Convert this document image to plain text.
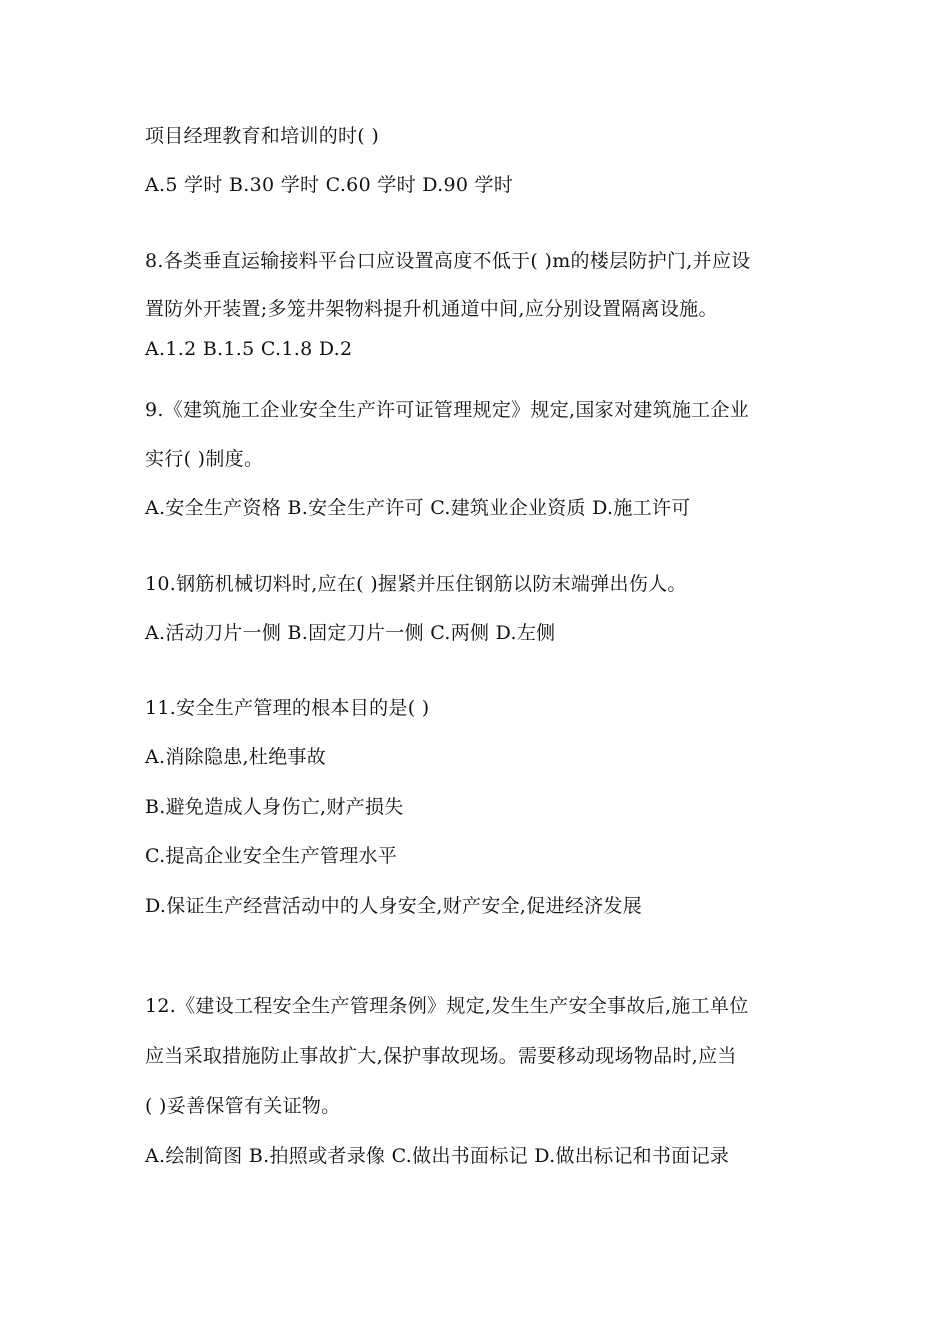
项目经理教育和培训的时( )
A.5 学时 B.30 学时 C.60 学时 D.90 学时
8.各类垂直运输接料平台口应设置高度不低于( )m的楼层防护门,并应设
置防外开装置;多笼井架物料提升机通道中间,应分别设置隔离设施。
A.1.2 B.1.5 C.1.8 D.2
9.《建筑施工企业安全生产许可证管理规定》规定,国家对建筑施工企业
实行( )制度。
A.安全生产资格 B.安全生产许可 C.建筑业企业资质 D.施工许可
10.钢筋机械切料时,应在( )握紧并压住钢筋以防末端弹出伤人。
A.活动刀片一侧 B.固定刀片一侧 C.两侧 D.左侧
11.安全生产管理的根本目的是( )
A.消除隐患,杜绝事故
B.避免造成人身伤亡,财产损失
C.提高企业安全生产管理水平
D.保证生产经营活动中的人身安全,财产安全,促进经济发展
12.《建设工程安全生产管理条例》规定,发生生产安全事故后,施工单位
应当采取措施防止事故扩大,保护事故现场。需要移动现场物品时,应当
( )妥善保管有关证物。
A.绘制简图 B.拍照或者录像 C.做出书面标记 D.做出标记和书面记录
